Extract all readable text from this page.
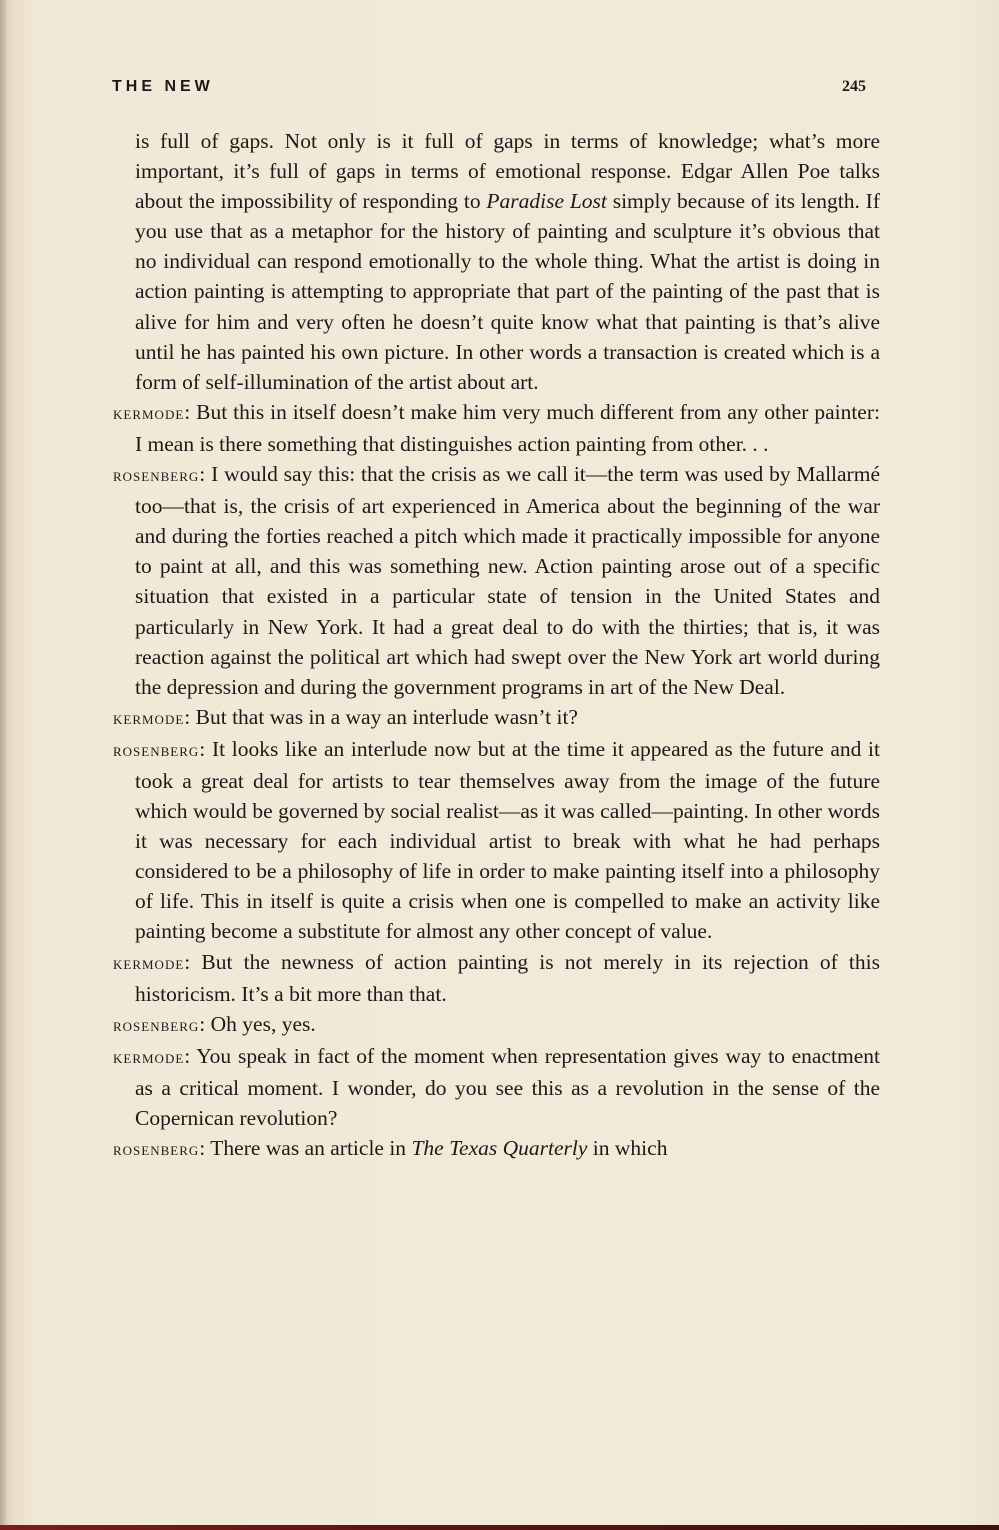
THE NEW	245

is full of gaps. Not only is it full of gaps in terms of knowledge; what’s more important, it’s full of gaps in terms of emotional response. Edgar Allen Poe talks about the impossibility of responding to Paradise Lost simply because of its length. If you use that as a metaphor for the history of painting and sculpture it’s obvious that no individual can respond emotionally to the whole thing. What the artist is doing in action painting is attempting to appropriate that part of the painting of the past that is alive for him and very often he doesn’t quite know what that painting is that’s alive until he has painted his own picture. In other words a transaction is created which is a form of self-illumination of the artist about art.

kermode: But this in itself doesn’t make him very much different from any other painter: I mean is there something that distinguishes action painting from other. . .

rosenberg: I would say this: that the crisis as we call it—the term was used by Mallarmé too—that is, the crisis of art experienced in America about the beginning of the war and during the forties reached a pitch which made it practically impossible for anyone to paint at all, and this was something new. Action painting arose out of a specific situation that existed in a particular state of tension in the United States and particularly in New York. It had a great deal to do with the thirties; that is, it was reaction against the political art which had swept over the New York art world during the depression and during the government programs in art of the New Deal.

kermode: But that was in a way an interlude wasn’t it?

rosenberg: It looks like an interlude now but at the time it appeared as the future and it took a great deal for artists to tear themselves away from the image of the future which would be governed by social realist—as it was called—painting. In other words it was necessary for each individual artist to break with what he had perhaps considered to be a philosophy of life in order to make painting itself into a philosophy of life. This in itself is quite a crisis when one is compelled to make an activity like painting become a substitute for almost any other concept of value.

kermode: But the newness of action painting is not merely in its rejection of this historicism. It’s a bit more than that.

rosenberg: Oh yes, yes.

kermode: You speak in fact of the moment when representation gives way to enactment as a critical moment. I wonder, do you see this as a revolution in the sense of the Copernican revolution?

rosenberg: There was an article in The Texas Quarterly in which
